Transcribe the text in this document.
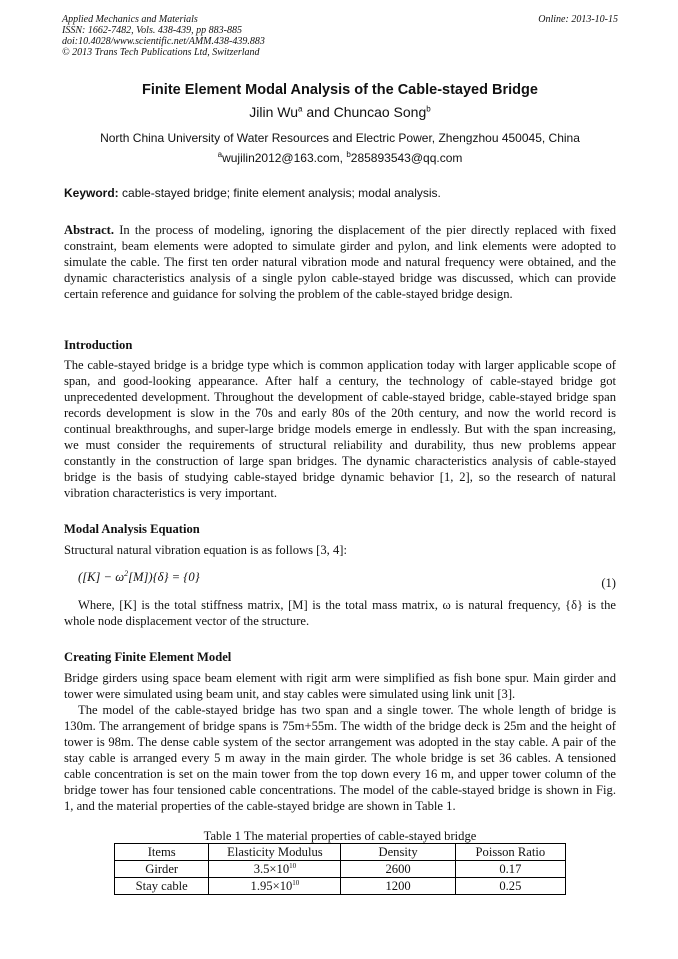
Applied Mechanics and Materials
ISSN: 1662-7482, Vols. 438-439, pp 883-885
doi:10.4028/www.scientific.net/AMM.438-439.883
© 2013 Trans Tech Publications Ltd, Switzerland
Online: 2013-10-15
Finite Element Modal Analysis of the Cable-stayed Bridge
Jilin Wu$^a$ and Chuncao Song$^b$
North China University of Water Resources and Electric Power, Zhengzhou 450045, China
$^a$wujilin2012@163.com, $^b$285893543@qq.com
Keyword: cable-stayed bridge; finite element analysis; modal analysis.
Abstract. In the process of modeling, ignoring the displacement of the pier directly replaced with fixed constraint, beam elements were adopted to simulate girder and pylon, and link elements were adopted to simulate the cable. The first ten order natural vibration mode and natural frequency were obtained, and the dynamic characteristics analysis of a single pylon cable-stayed bridge was discussed, which can provide certain reference and guidance for solving the problem of the cable-stayed bridge design.
Introduction
The cable-stayed bridge is a bridge type which is common application today with larger applicable scope of span, and good-looking appearance. After half a century, the technology of cable-stayed bridge got unprecedented development. Throughout the development of cable-stayed bridge, cable-stayed bridge span records development is slow in the 70s and early 80s of the 20th century, and now the world record is continual breakthroughs, and super-large bridge models emerge in endlessly. But with the span increasing, we must consider the requirements of structural reliability and durability, thus new problems appear constantly in the construction of large span bridges. The dynamic characteristics analysis of cable-stayed bridge is the basis of studying cable-stayed bridge dynamic behavior [1, 2], so the research of natural vibration characteristics is very important.
Modal Analysis Equation
Structural natural vibration equation is as follows [3, 4]:
$([K] - \omega^2[M])\{\delta\} = \{0\}$	(1)
Where, [K] is the total stiffness matrix, [M] is the total mass matrix, ω is natural frequency, {δ} is the whole node displacement vector of the structure.
Creating Finite Element Model
Bridge girders using space beam element with rigit arm were simplified as fish bone spur. Main girder and tower were simulated using beam unit, and stay cables were simulated using link unit [3].
The model of the cable-stayed bridge has two span and a single tower. The whole length of bridge is 130m. The arrangement of bridge spans is 75m+55m. The width of the bridge deck is 25m and the height of tower is 98m. The dense cable system of the sector arrangement was adopted in the stay cable. A pair of the stay cable is arranged every 5 m away in the main girder. The whole bridge is set 36 cables. A tensioned cable concentration is set on the main tower from the top down every 16 m, and upper tower column of the bridge tower has four tensioned cable concentrations. The model of the cable-stayed bridge is shown in Fig. 1, and the material properties of the cable-stayed bridge are shown in Table 1.
Table 1 The material properties of cable-stayed bridge
Items	Elasticity Modulus	Density	Poisson Ratio
Girder	$3.5\times 10^{10}$	2600	0.17
Stay cable	$1.95\times 10^{10}$	1200	0.25
